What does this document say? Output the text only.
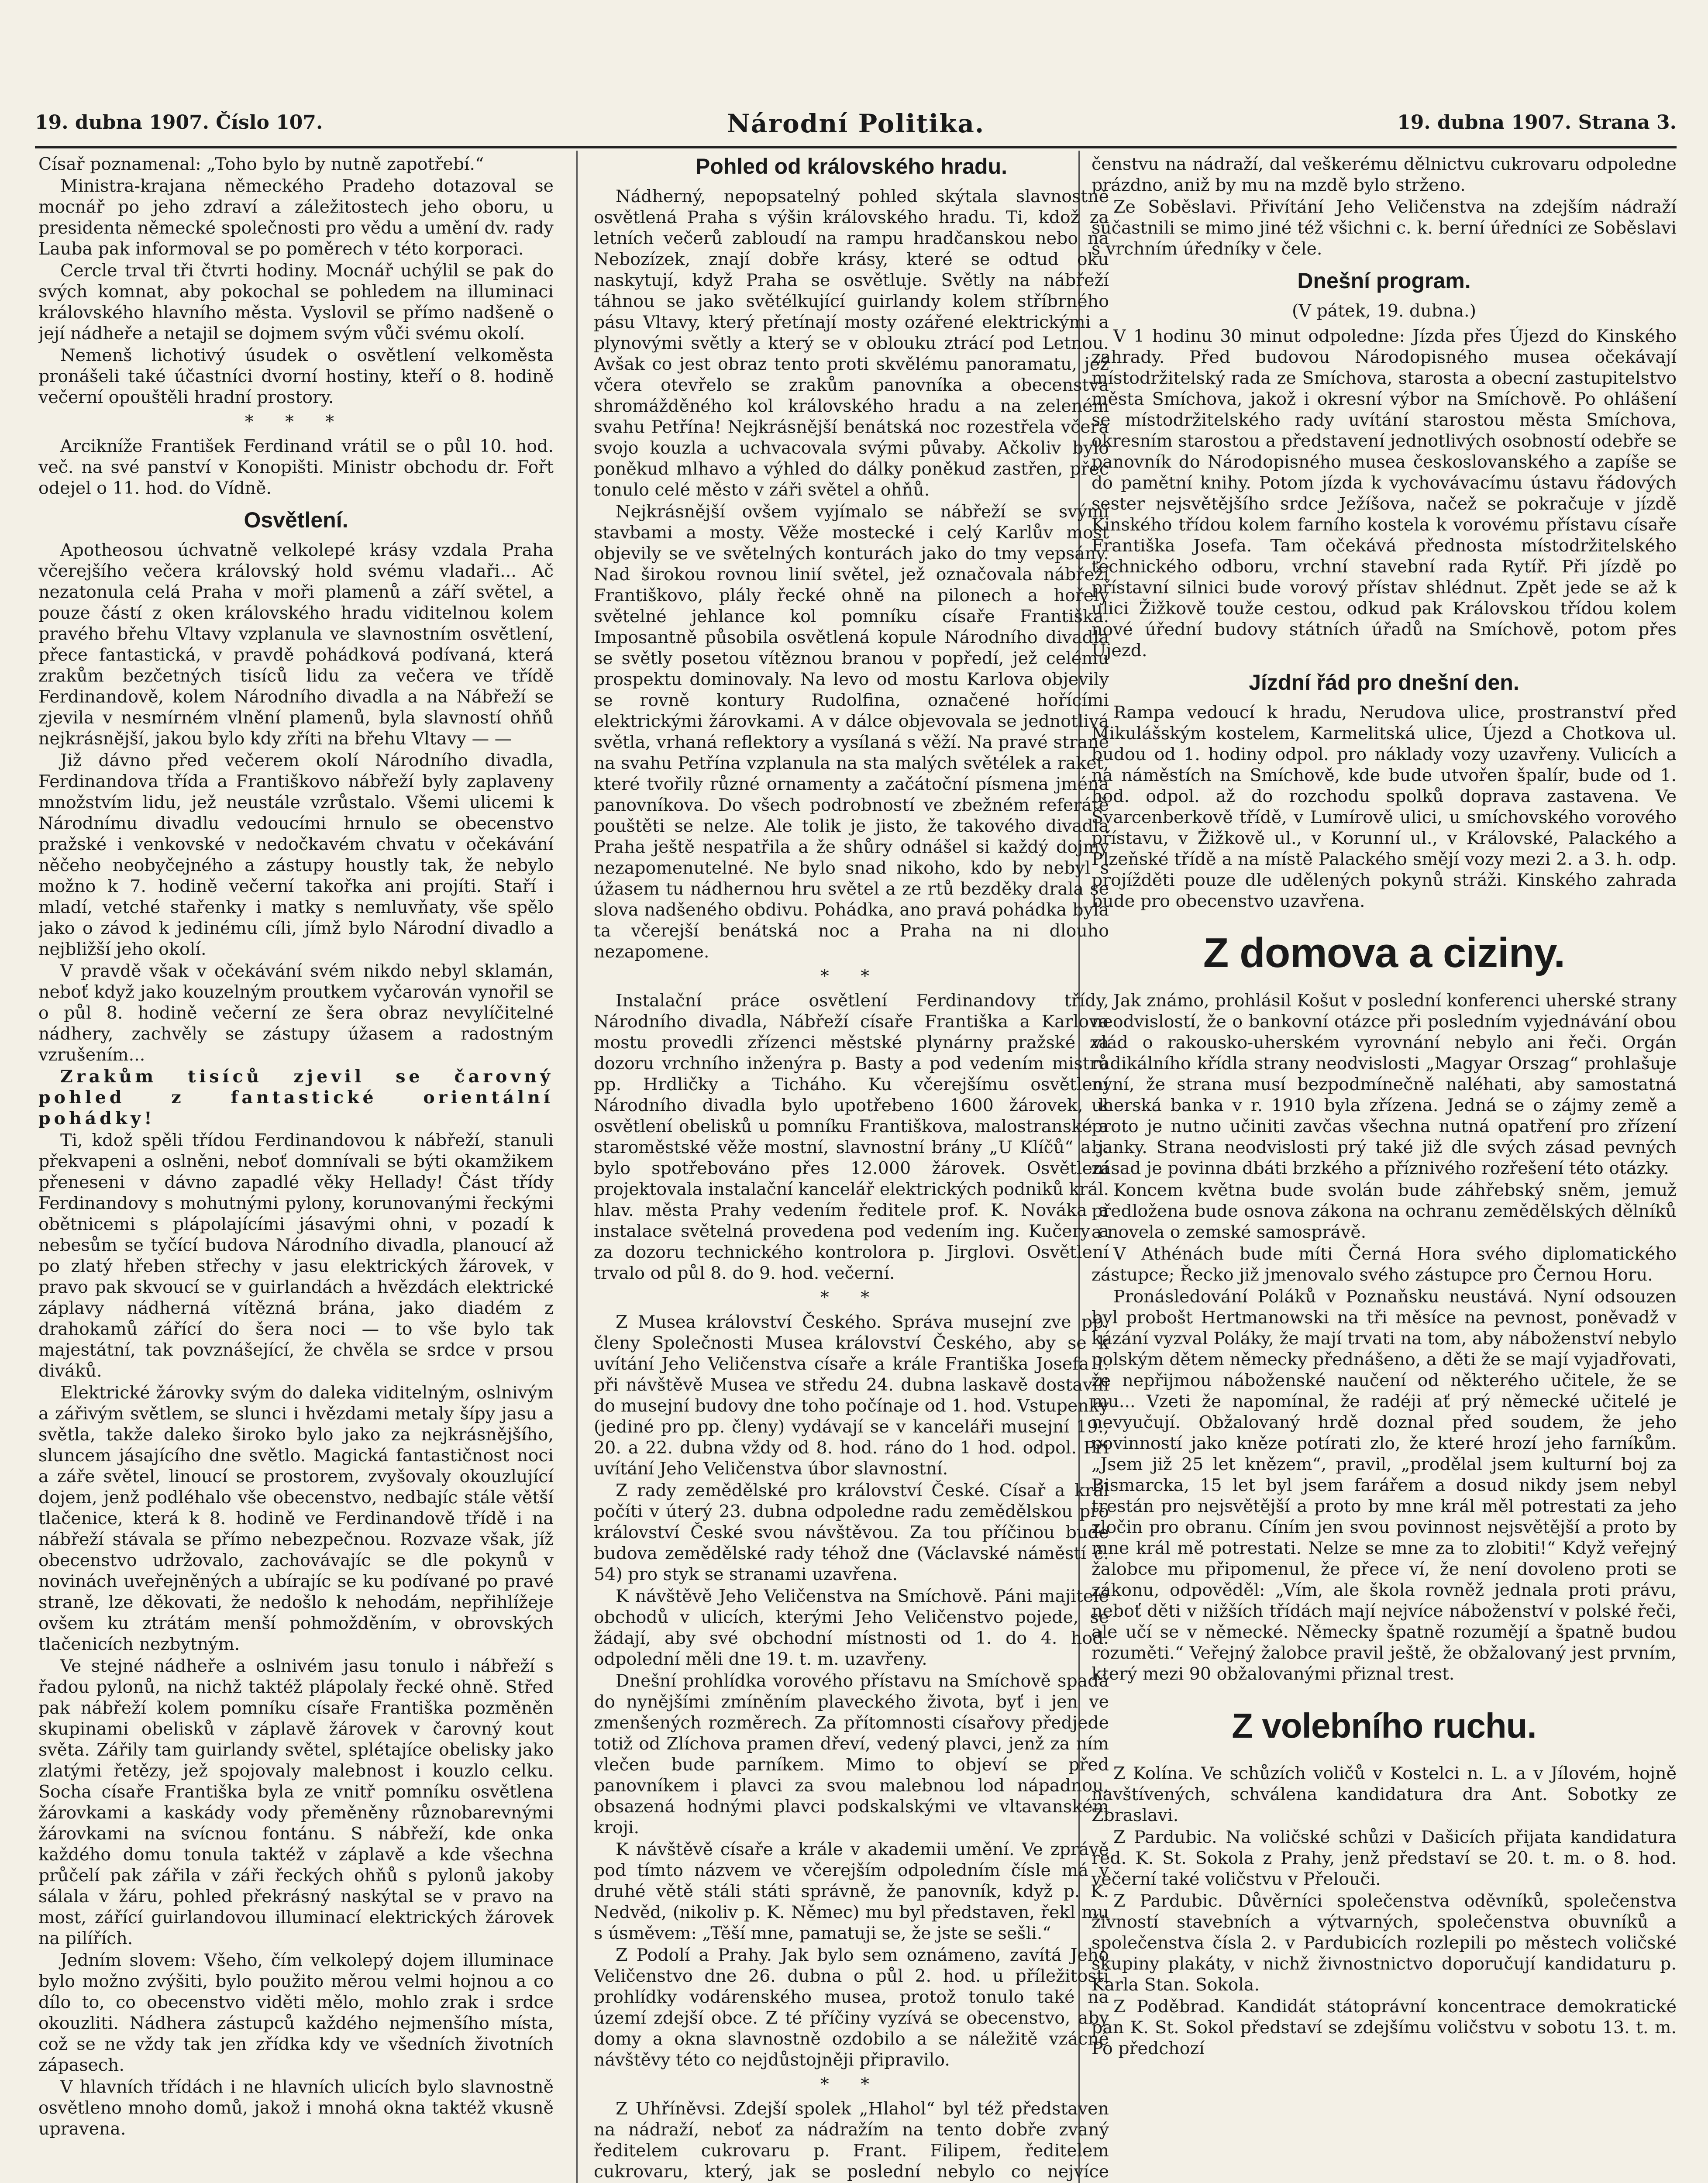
19. dubna 1907. Číslo 107.	Národní Politika.	19. dubna 1907. Strana 3.

Císař poznamenal: „Toho bylo by nutně zapotřebí.“

Ministra-krajana německého Pradeho dotazoval se mocnář po jeho zdraví a záležitostech jeho oboru, u presidenta německé společnosti pro vědu a umění dv. rady Lauba pak informoval se po poměrech v této korporaci.

Cercle trval tři čtvrti hodiny. Mocnář uchýlil se pak do svých komnat, aby pokochal se pohledem na illuminaci královského hlavního města. Vyslovil se přímo nadšeně o její nádheře a netajil se dojmem svým vůči svému okolí.

Nemenš lichotivý úsudek o osvětlení velkoměsta pronášeli také účastníci dvorní hostiny, kteří o 8. hodině večerní opouštěli hradní prostory.

* * *

Arcikníže František Ferdinand vrátil se o půl 10. hod. več. na své panství v Konopišti. Ministr obchodu dr. Fořt odejel o 11. hod. do Vídně.

Osvětlení.

Apotheosou úchvatně velkolepé krásy vzdala Praha včerejšího večera královský hold svému vladaři... Ač nezatonula celá Praha v moři plamenů a září světel, a pouze částí z oken královského hradu viditelnou kolem pravého břehu Vltavy vzplanula ve slavnostním osvětlení, přece fantastická, v pravdě pohádková podívaná, která zrakům bezčetných tisíců lidu za večera ve třídě Ferdinandově, kolem Národního divadla a na Nábřeží se zjevila v nesmírném vlnění plamenů, byla slavností ohňů nejkrásnější, jakou bylo kdy zříti na břehu Vltavy — —

Již dávno před večerem okolí Národního divadla, Ferdinandova třída a Františkovo nábřeží byly zaplaveny množstvím lidu, jež neustále vzrůstalo. Všemi ulicemi k Národnímu divadlu vedoucími hrnulo se obecenstvo pražské i venkovské v nedočkavém chvatu v očekávání něčeho neobyčejného a zástupy houstly tak, že nebylo možno k 7. hodině večerní takořka ani projíti. Staří i mladí, vetché stařenky i matky s nemluvňaty, vše spělo jako o závod k jedinému cíli, jímž bylo Národní divadlo a nejbližší jeho okolí.

V pravdě však v očekávání svém nikdo nebyl sklamán, neboť když jako kouzelným proutkem vyčarován vynořil se o půl 8. hodině večerní ze šera obraz nevylíčitelné nádhery, zachvěly se zástupy úžasem a radostným vzrušením...

Zrakům tisíců zjevil se čarovný pohled z fantastické orientální pohádky!

Ti, kdož spěli třídou Ferdinandovou k nábřeží, stanuli překvapeni a oslněni, neboť domnívali se býti okamžikem přeneseni v dávno zapadlé věky Hellady! Část třídy Ferdinandovy s mohutnými pylony, korunovanými řeckými obětnicemi s plápolajícími jásavými ohni, v pozadí k nebesům se tyčící budova Národního divadla, planoucí až po zlatý hřeben střechy v jasu elektrických žárovek, v pravo pak skvoucí se v guirlandách a hvězdách elektrické záplavy nádherná vítězná brána, jako diadém z drahokamů zářící do šera noci — to vše bylo tak majestátní, tak povznášející, že chvěla se srdce v prsou diváků.

Elektrické žárovky svým do daleka viditelným, oslnivým a zářivým světlem, se slunci i hvězdami metaly šípy jasu a světla, takže daleko široko bylo jako za nejkrásnějšího, sluncem jásajícího dne světlo. Magická fantastičnost noci a záře světel, linoucí se prostorem, zvyšovaly okouzlující dojem, jenž podléhalo vše obecenstvo, nedbajíc stále větší tlačenice, která k 8. hodině ve Ferdinandově třídě i na nábřeží stávala se přímo nebezpečnou. Rozvaze však, jíž obecenstvo udržovalo, zachovávajíc se dle pokynů v novinách uveřejněných a ubírajíc se ku podívané po pravé straně, lze děkovati, že nedošlo k nehodám, nepřihlížeje ovšem ku ztrátám menší pohmožděním, v obrovských tlačenicích nezbytným.

Ve stejné nádheře a oslnivém jasu tonulo i nábřeží s řadou pylonů, na nichž taktéž plápolaly řecké ohně. Střed pak nábřeží kolem pomníku císaře Františka pozměněn skupinami obelisků v záplavě žárovek v čarovný kout světa. Zářily tam guirlandy světel, splétajíce obelisky jako zlatými řetězy, jež spojovaly malebnost i kouzlo celku. Socha císaře Františka byla ze vnitř pomníku osvětlena žárovkami a kaskády vody přeměněny různobarevnými žárovkami na svícnou fontánu. S nábřeží, kde onka každého domu tonula taktéž v záplavě a kde všechna průčelí pak zářila v záři řeckých ohňů s pylonů jakoby sálala v žáru, pohled překrásný naskýtal se v pravo na most, zářící guirlandovou illuminací elektrických žárovek na pilířích.

Jedním slovem: Všeho, čím velkolepý dojem illuminace bylo možno zvýšiti, bylo použito měrou velmi hojnou a co dílo to, co obecenstvo viděti mělo, mohlo zrak i srdce okouzliti. Nádhera zástupců každého nejmenšího místa, což se ne vždy tak jen zřídka kdy ve všedních životních zápasech.

V hlavních třídách i ne hlavních ulicích bylo slavnostně osvětleno mnoho domů, jakož i mnohá okna taktéž vkusně upravena.

Pohled od královského hradu.

Nádherný, nepopsatelný pohled skýtala slavnostně osvětlená Praha s výšin královského hradu. Ti, kdož za letních večerů zabloudí na rampu hradčanskou nebo na Nebozízek, znají dobře krásy, které se odtud oku naskytují, když Praha se osvětluje. Světly na nábřeží táhnou se jako světélkující guirlandy kolem stříbrného pásu Vltavy, který přetínají mosty ozářené elektrickými a plynovými světly a který se v oblouku ztrácí pod Letnou. Avšak co jest obraz tento proti skvělému panoramatu, jež včera otevřelo se zrakům panovníka a obecenstva shromážděného kol královského hradu a na zeleném svahu Petřína! Nejkrásnější benátská noc rozestřela včera svojo kouzla a uchvacovala svými půvaby. Ačkoliv bylo poněkud mlhavo a výhled do dálky poněkud zastřen, přec tonulo celé město v záři světel a ohňů.

Nejkrásnější ovšem vyjímalo se nábřeží se svými stavbami a mosty. Věže mostecké i celý Karlův most objevily se ve světelných konturách jako do tmy vepsány. Nad širokou rovnou linií světel, jež označovala nábřeží Františkovo, plály řecké ohně na pilonech a hořely světelné jehlance kol pomníku císaře Františka. Imposantně působila osvětlená kopule Národního divadla se světly posetou vítěznou branou v popředí, jež celému prospektu dominovaly. Na levo od mostu Karlova objevily se rovně kontury Rudolfina, označené hořícími elektrickými žárovkami. A v dálce objevovala se jednotlivá světla, vrhaná reflektory a vysílaná s věží. Na pravé straně na svahu Petřína vzplanula na sta malých světélek a raket, které tvořily různé ornamenty a začátoční písmena jména panovníkova. Do všech podrobností ve zbežném referátě pouštěti se nelze. Ale tolik je jisto, že takového divadla Praha ještě nespatřila a že shůry odnášel si každý dojmy nezapomenutelné. Ne bylo snad nikoho, kdo by nebyl s úžasem tu nádhernou hru světel a ze rtů bezděky drala se slova nadšeného obdivu. Pohádka, ano pravá pohádka byla ta včerejší benátská noc a Praha na ni dlouho nezapomene.

* *

Instalační práce osvětlení Ferdinandovy třídy, Národního divadla, Nábřeží císaře Františka a Karlova mostu provedli zřízenci městské plynárny pražské za dozoru vrchního inženýra p. Basty a pod vedením mistrů pp. Hrdličky a Ticháho. Ku včerejšímu osvětlení Národního divadla bylo upotřebeno 1600 žárovek, k osvětlení obelisků u pomníku Františkova, malostranské a staroměstské věže mostní, slavnostní brány „U Klíčů“ a j. bylo spotřebováno přes 12.000 žárovek. Osvětlení projektovala instalační kancelář elektrických podniků král. hlav. města Prahy vedením ředitele prof. K. Nováka a instalace světelná provedena pod vedením ing. Kučery a za dozoru technického kontrolora p. Jirglovi. Osvětlení trvalo od půl 8. do 9. hod. večerní.

* *

Z Musea království Českého. Správa musejní zve pp. členy Společnosti Musea království Českého, aby se k uvítání Jeho Veličenstva císaře a krále Františka Josefa I. při návštěvě Musea ve středu 24. dubna laskavě dostavili do musejní budovy dne toho počínaje od 1. hod. Vstupenky (jediné pro pp. členy) vydávají se v kanceláři musejní 19., 20. a 22. dubna vždy od 8. hod. ráno do 1 hod. odpol. Při uvítání Jeho Veličenstva úbor slavnostní.

Z rady zemědělské pro království České. Císař a král počíti v úterý 23. dubna odpoledne radu zemědělskou pro království České svou návštěvou. Za tou příčinou bude budova zemědělské rady téhož dne (Václavské náměstí č. 54) pro styk se stranami uzavřena.

K návštěvě Jeho Veličenstva na Smíchově. Páni majitelé obchodů v ulicích, kterými Jeho Veličenstvo pojede, se žádají, aby své obchodní místnosti od 1. do 4. hod. odpolední měli dne 19. t. m. uzavřeny.

Dnešní prohlídka vorového přístavu na Smíchově spadá do nynějšími zmíněním plaveckého života, byť i jen ve zmenšených rozměrech. Za přítomnosti císařovy předjede totiž od Zlíchova pramen dřeví, vedený plavci, jenž za ním vlečen bude parníkem. Mimo to objeví se před panovníkem i plavci za svou malebnou lod nápadnou, obsazená hodnými plavci podskalskými ve vltavanském kroji.

K návštěvě císaře a krále v akademii umění. Ve zprávě pod tímto názvem ve včerejším odpoledním čísle má v druhé větě stáli státi správně, že panovník, když p. K. Nedvěd, (nikoliv p. K. Němec) mu byl představen, řekl mu s úsměvem: „Těší mne, pamatuji se, že jste se sešli.“

Z Podolí a Prahy. Jak bylo sem oznámeno, zavítá Jeho Veličenstvo dne 26. dubna o půl 2. hod. u příležitosti prohlídky vodárenského musea, protož tonulo také na území zdejší obce. Z té příčiny vyzívá se obecenstvo, aby domy a okna slavnostně ozdobilo a se náležitě vzácné návštěvy této co nejdůstojněji připravilo.

* *

Z Uhříněvsi. Zdejší spolek „Hlahol“ byl též představen na nádraží, neboť za nádražím na tento dobře zvaný ředitelem cukrovaru p. Frant. Filipem, ředitelem cukrovaru, který, jak se poslední nebylo co nejvíce

čenstvu na nádraží, dal veškerému dělnictvu cukrovaru odpoledne prázdno, aniž by mu na mzdě bylo strženo.

Ze Soběslavi. Přivítání Jeho Veličenstva na zdejším nádraží súčastnili se mimo jiné též všichni c. k. berní úředníci ze Soběslavi s vrchním úředníky v čele.

Dnešní program.
(V pátek, 19. dubna.)

V 1 hodinu 30 minut odpoledne: Jízda přes Újezd do Kinského zahrady. Před budovou Národopisného musea očekávají místodržitelský rada ze Smíchova, starosta a obecní zastupitelstvo města Smíchova, jakož i okresní výbor na Smíchově. Po ohlášení se místodržitelského rady uvítání starostou města Smíchova, okresním starostou a představení jednotlivých osobností odebře se panovník do Národopisného musea českoslovanského a zapíše se do pamětní knihy. Potom jízda k vychovávacímu ústavu řádových sester nejsvětějšího srdce Ježíšova, načež se pokračuje v jízdě Kinského třídou kolem farního kostela k vorovému přístavu císaře Františka Josefa. Tam očekává přednosta místodržitelského technického odboru, vrchní stavební rada Rytíř. Při jízdě po přístavní silnici bude vorový přístav shlédnut. Zpět jede se až k ulici Žižkově touže cestou, odkud pak Královskou třídou kolem nové úřední budovy státních úřadů na Smíchově, potom přes Újezd.

Jízdní řád pro dnešní den.

Rampa vedoucí k hradu, Nerudova ulice, prostranství před Mikulášským kostelem, Karmelitská ulice, Újezd a Chotkova ul. budou od 1. hodiny odpol. pro náklady vozy uzavřeny. Vulicích a na náměstích na Smíchově, kde bude utvořen špalír, bude od 1. hod. odpol. až do rozchodu spolků doprava zastavena. Ve Švarcenberkově třídě, v Lumírově ulici, u smíchovského vorového přístavu, v Žižkově ul., v Korunní ul., v Královské, Palackého a Plzeňské třídě a na místě Palackého smějí vozy mezi 2. a 3. h. odp. projížděti pouze dle udělených pokynů stráži. Kinského zahrada bude pro obecenstvo uzavřena.

Z domova a ciziny.

Jak známo, prohlásil Košut v poslední konferenci uherské strany neodvislostí, že o bankovní otázce při posledním vyjednávání obou vlád o rakousko-uherském vyrovnání nebylo ani řeči. Orgán radikálního křídla strany neodvislosti „Magyar Orszag“ prohlašuje nyní, že strana musí bezpodmínečně naléhati, aby samostatná uherská banka v r. 1910 byla zřízena. Jedná se o zájmy země a proto je nutno učiniti zavčas všechna nutná opatření pro zřízení banky. Strana neodvislosti prý také již dle svých zásad pevných zásad je povinna dbáti brzkého a příznivého rozřešení této otázky.

Koncem května bude svolán bude záhřebský sněm, jemuž předložena bude osnova zákona na ochranu zemědělských dělníků a novela o zemské samosprávě.

V Athénách bude míti Černá Hora svého diplomatického zástupce; Řecko již jmenovalo svého zástupce pro Černou Horu.

Pronásledování Poláků v Poznaňsku neustává. Nyní odsouzen byl probošt Hertmanowski na tři měsíce na pevnost, poněvadž v kázání vyzval Poláky, že mají trvati na tom, aby náboženství nebylo polským dětem německy přednášeno, a děti že se mají vyjadřovati, že nepřijmou náboženské naučení od některého učitele, že se mu... Vzeti že napomínal, že radéji ať prý německé učitelé je nevyučují. Obžalovaný hrdě doznal před soudem, že jeho povinností jako kněze potírati zlo, že které hrozí jeho farníkům. „Jsem již 25 let knězem“, pravil, „prodělal jsem kulturní boj za Bismarcka, 15 let byl jsem farářem a dosud nikdy jsem nebyl trestán pro nejsvětější a proto by mne král měl potrestati za jeho zločin pro obranu. Cíním jen svou povinnost nejsvětější a proto by mne král mě potrestati. Nelze se mne za to zlobiti!“ Když veřejný žalobce mu připomenul, že přece ví, že není dovoleno proti se zákonu, odpověděl: „Vím, ale škola rovněž jednala proti právu, neboť děti v nižších třídách mají nejvíce náboženství v polské řeči, ale učí se v německé. Německy špatně rozumějí a špatně budou rozuměti.“ Veřejný žalobce pravil ještě, že obžalovaný jest prvním, který mezi 90 obžalovanými přiznal trest.

Z volebního ruchu.

Z Kolína. Ve schůzích voličů v Kostelci n. L. a v Jílovém, hojně navštívených, schválena kandidatura dra Ant. Sobotky ze Zbraslavi.

Z Pardubic. Na voličské schůzi v Dašicích přijata kandidatura red. K. St. Sokola z Prahy, jenž představí se 20. t. m. o 8. hod. večerní také voličstvu v Přelouči.

Z Pardubic. Důvěrníci společenstva oděvníků, společenstva živností stavebních a výtvarných, společenstva obuvníků a společenstva čísla 2. v Pardubicích rozlepili po městech voličské skupiny plakáty, v nichž živnostnictvo doporučují kandidaturu p. Karla Stan. Sokola.

Z Poděbrad. Kandidát státoprávní koncentrace demokratické pan K. St. Sokol představí se zdejšímu voličstvu v sobotu 13. t. m. Po předchozí
